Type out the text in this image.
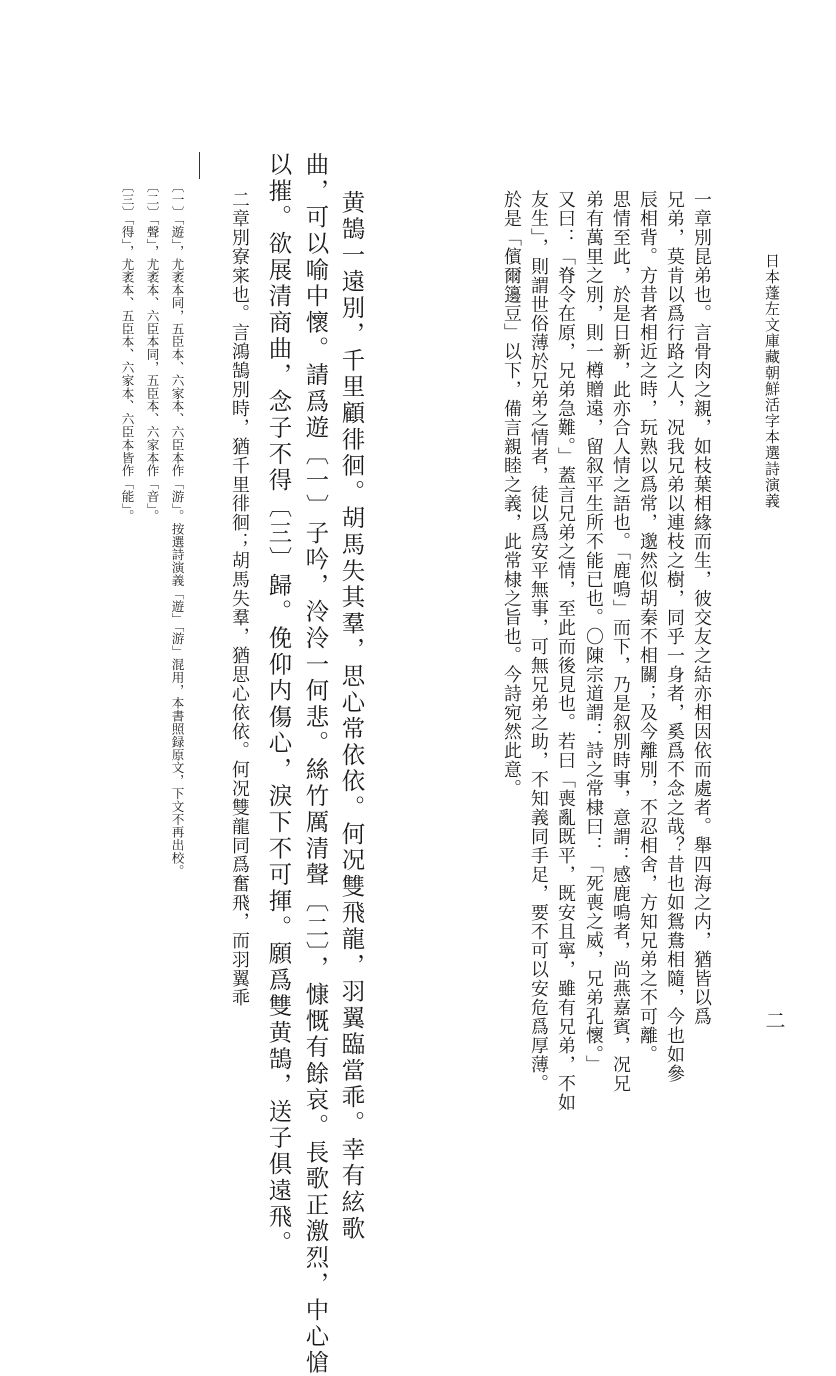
日本蓬左文庫藏朝鮮活字本選詩演義
二
一章別昆弟也。言骨肉之親，如枝葉相緣而生，彼交友之結亦相因依而處者。舉四海之内，猶皆以爲
兄弟，莫肯以爲行路之人，况我兄弟以連枝之樹，同乎一身者，奚爲不念之哉？昔也如鴛鴦相隨，今也如參
辰相背。方昔者相近之時，玩熟以爲常，邈然似胡秦不相關；及今離別，不忍相舍，方知兄弟之不可離。
思情至此，於是日新，此亦合人情之語也。「鹿鳴」而下，乃是叙別時事，意謂：感鹿鳴者，尚燕嘉賓，况兄
弟有萬里之別，則一樽贈遠，留叙平生所不能已也。〇陳宗道謂：詩之常棣曰：「死喪之威，兄弟孔懷。」
又曰：「脊令在原，兄弟急難。」蓋言兄弟之情，至此而後見也。若曰「喪亂既平，既安且寧，雖有兄弟，不如
友生」，則謂世俗薄於兄弟之情者，徒以爲安平無事，可無兄弟之助，不知義同手足，要不可以安危爲厚薄。
於是「儐爾籩豆」以下，備言親睦之義，此常棣之旨也。今詩宛然此意。
黄鵠一遠別，千里顧徘徊。胡馬失其羣，思心常依依。何况雙飛龍，羽翼臨當乖。幸有絃歌
曲，可以喻中懷。請爲遊〔一〕子吟，泠泠一何悲。絲竹厲清聲〔二〕，慷慨有餘哀。長歌正激烈，中心愴
以摧。欲展清商曲，念子不得〔三〕歸。俛仰内傷心，淚下不可揮。願爲雙黄鵠，送子俱遠飛。
二章別寮宷也。言鴻鵠別時，猶千里徘徊；胡馬失羣，猶思心依依。何况雙龍同爲奮飛，而羽翼乖
〔一〕「遊」，尤袤本同，五臣本、六家本、六臣本作「游」。按選詩演義「遊」「游」混用，本書照録原文，下文不再出校。
〔二〕「聲」，尤袤本、六臣本同，五臣本、六家本作「音」。
〔三〕「得」，尤袤本、五臣本、六家本、六臣本皆作「能」。
